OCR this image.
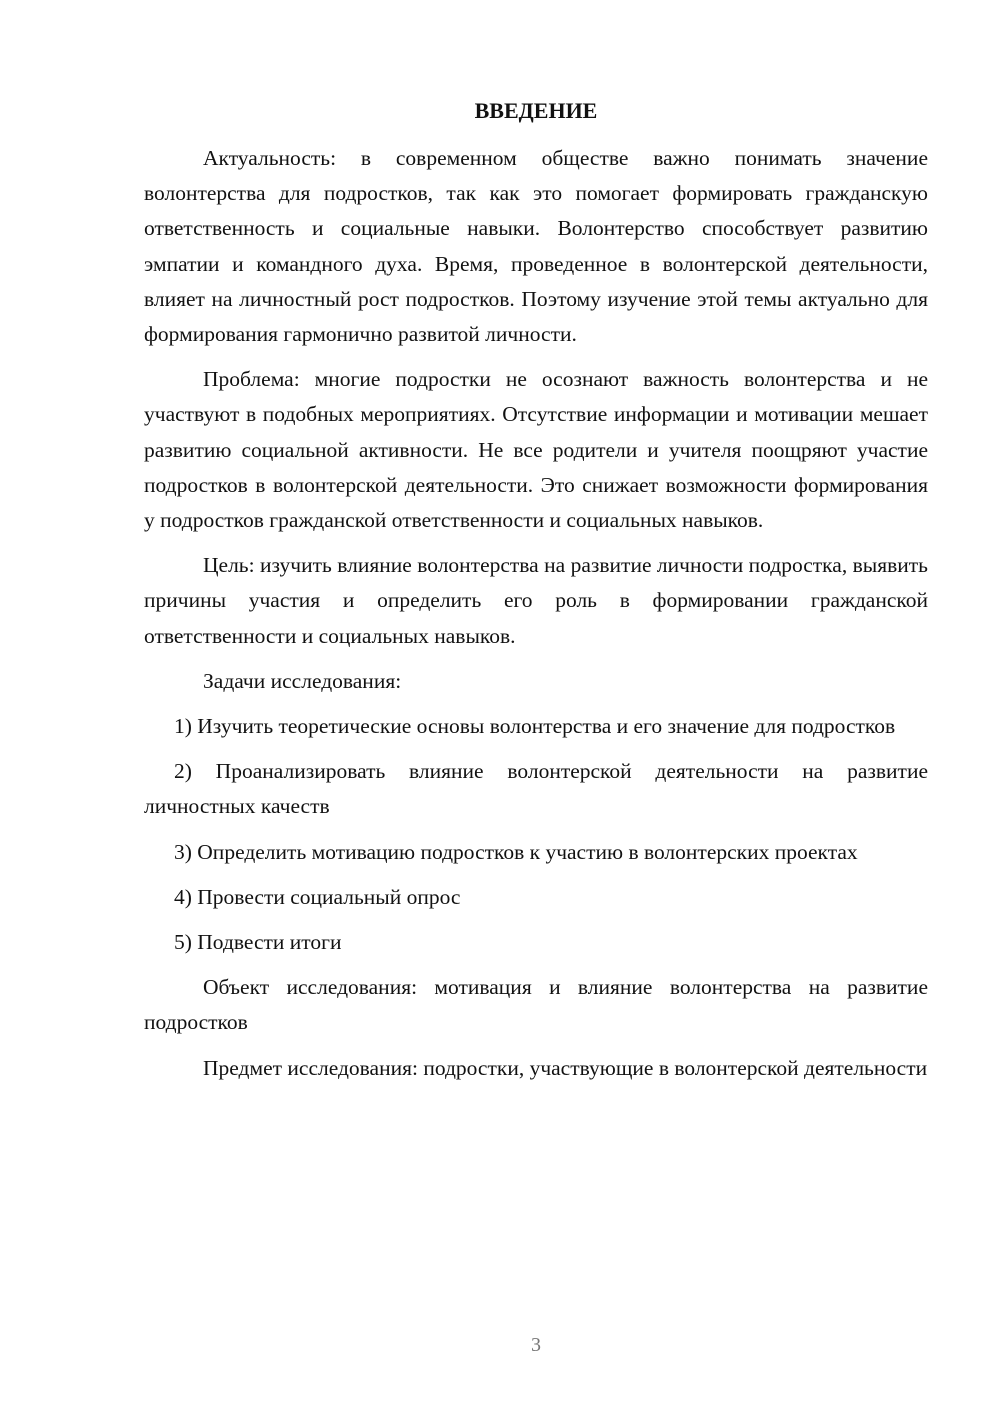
ВВЕДЕНИЕ

Актуальность: в современном обществе важно понимать значение волонтерства для подростков, так как это помогает формировать гражданскую ответственность и социальные навыки. Волонтерство способствует развитию эмпатии и командного духа. Время, проведенное в волонтерской деятельности, влияет на личностный рост подростков. Поэтому изучение этой темы актуально для формирования гармонично развитой личности.

Проблема: многие подростки не осознают важность волонтерства и не участвуют в подобных мероприятиях. Отсутствие информации и мотивации мешает развитию социальной активности. Не все родители и учителя поощряют участие подростков в волонтерской деятельности. Это снижает возможности формирования у подростков гражданской ответственности и социальных навыков.

Цель: изучить влияние волонтерства на развитие личности подростка, выявить причины участия и определить его роль в формировании гражданской ответственности и социальных навыков.

Задачи исследования:

1) Изучить теоретические основы волонтерства и его значение для подростков

2) Проанализировать влияние волонтерской деятельности на развитие личностных качеств

3) Определить мотивацию подростков к участию в волонтерских проектах

4) Провести социальный опрос

5) Подвести итоги

Объект исследования: мотивация и влияние волонтерства на развитие подростков

Предмет исследования: подростки, участвующие в волонтерской деятельности

3
